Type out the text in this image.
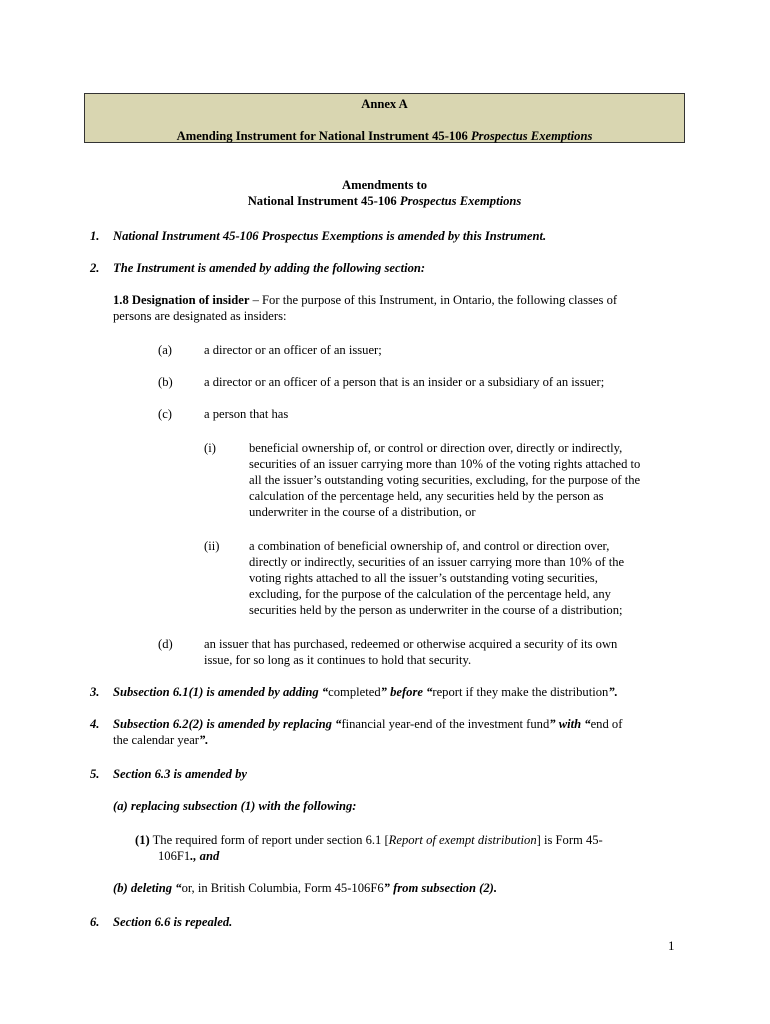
Annex A
Amending Instrument for National Instrument 45-106 Prospectus Exemptions
Amendments to
National Instrument 45-106 Prospectus Exemptions
1. National Instrument 45-106 Prospectus Exemptions is amended by this Instrument.
2. The Instrument is amended by adding the following section:
1.8 Designation of insider – For the purpose of this Instrument, in Ontario, the following classes of
persons are designated as insiders:
(a)	a director or an officer of an issuer;
(b) a director or an officer of a person that is an insider or a subsidiary of an issuer;
(c)	a person that has
(i)	beneficial ownership of, or control or direction over, directly or indirectly,
securities of an issuer carrying more than 10% of the voting rights attached to
all the issuer’s outstanding voting securities, excluding, for the purpose of the
calculation of the percentage held, any securities held by the person as
underwriter in the course of a distribution, or
(ii) a combination of beneficial ownership of, and control or direction over,
directly or indirectly, securities of an issuer carrying more than 10% of the
voting rights attached to all the issuer’s outstanding voting securities,
excluding, for the purpose of the calculation of the percentage held, any
securities held by the person as underwriter in the course of a distribution;
(d) an issuer that has purchased, redeemed or otherwise acquired a security of its own
issue, for so long as it continues to hold that security.
3. Subsection 6.1(1) is amended by adding “completed” before “report if they make the distribution”.
4. Subsection 6.2(2) is amended by replacing “financial year-end of the investment fund” with “end of
the calendar year”.
5. Section 6.3 is amended by
(a) replacing subsection (1) with the following:
(1) The required form of report under section 6.1 [Report of exempt distribution] is Form 45-
106F1., and
(b) deleting “or, in British Columbia, Form 45-106F6” from subsection (2).
6. Section 6.6 is repealed.
1
